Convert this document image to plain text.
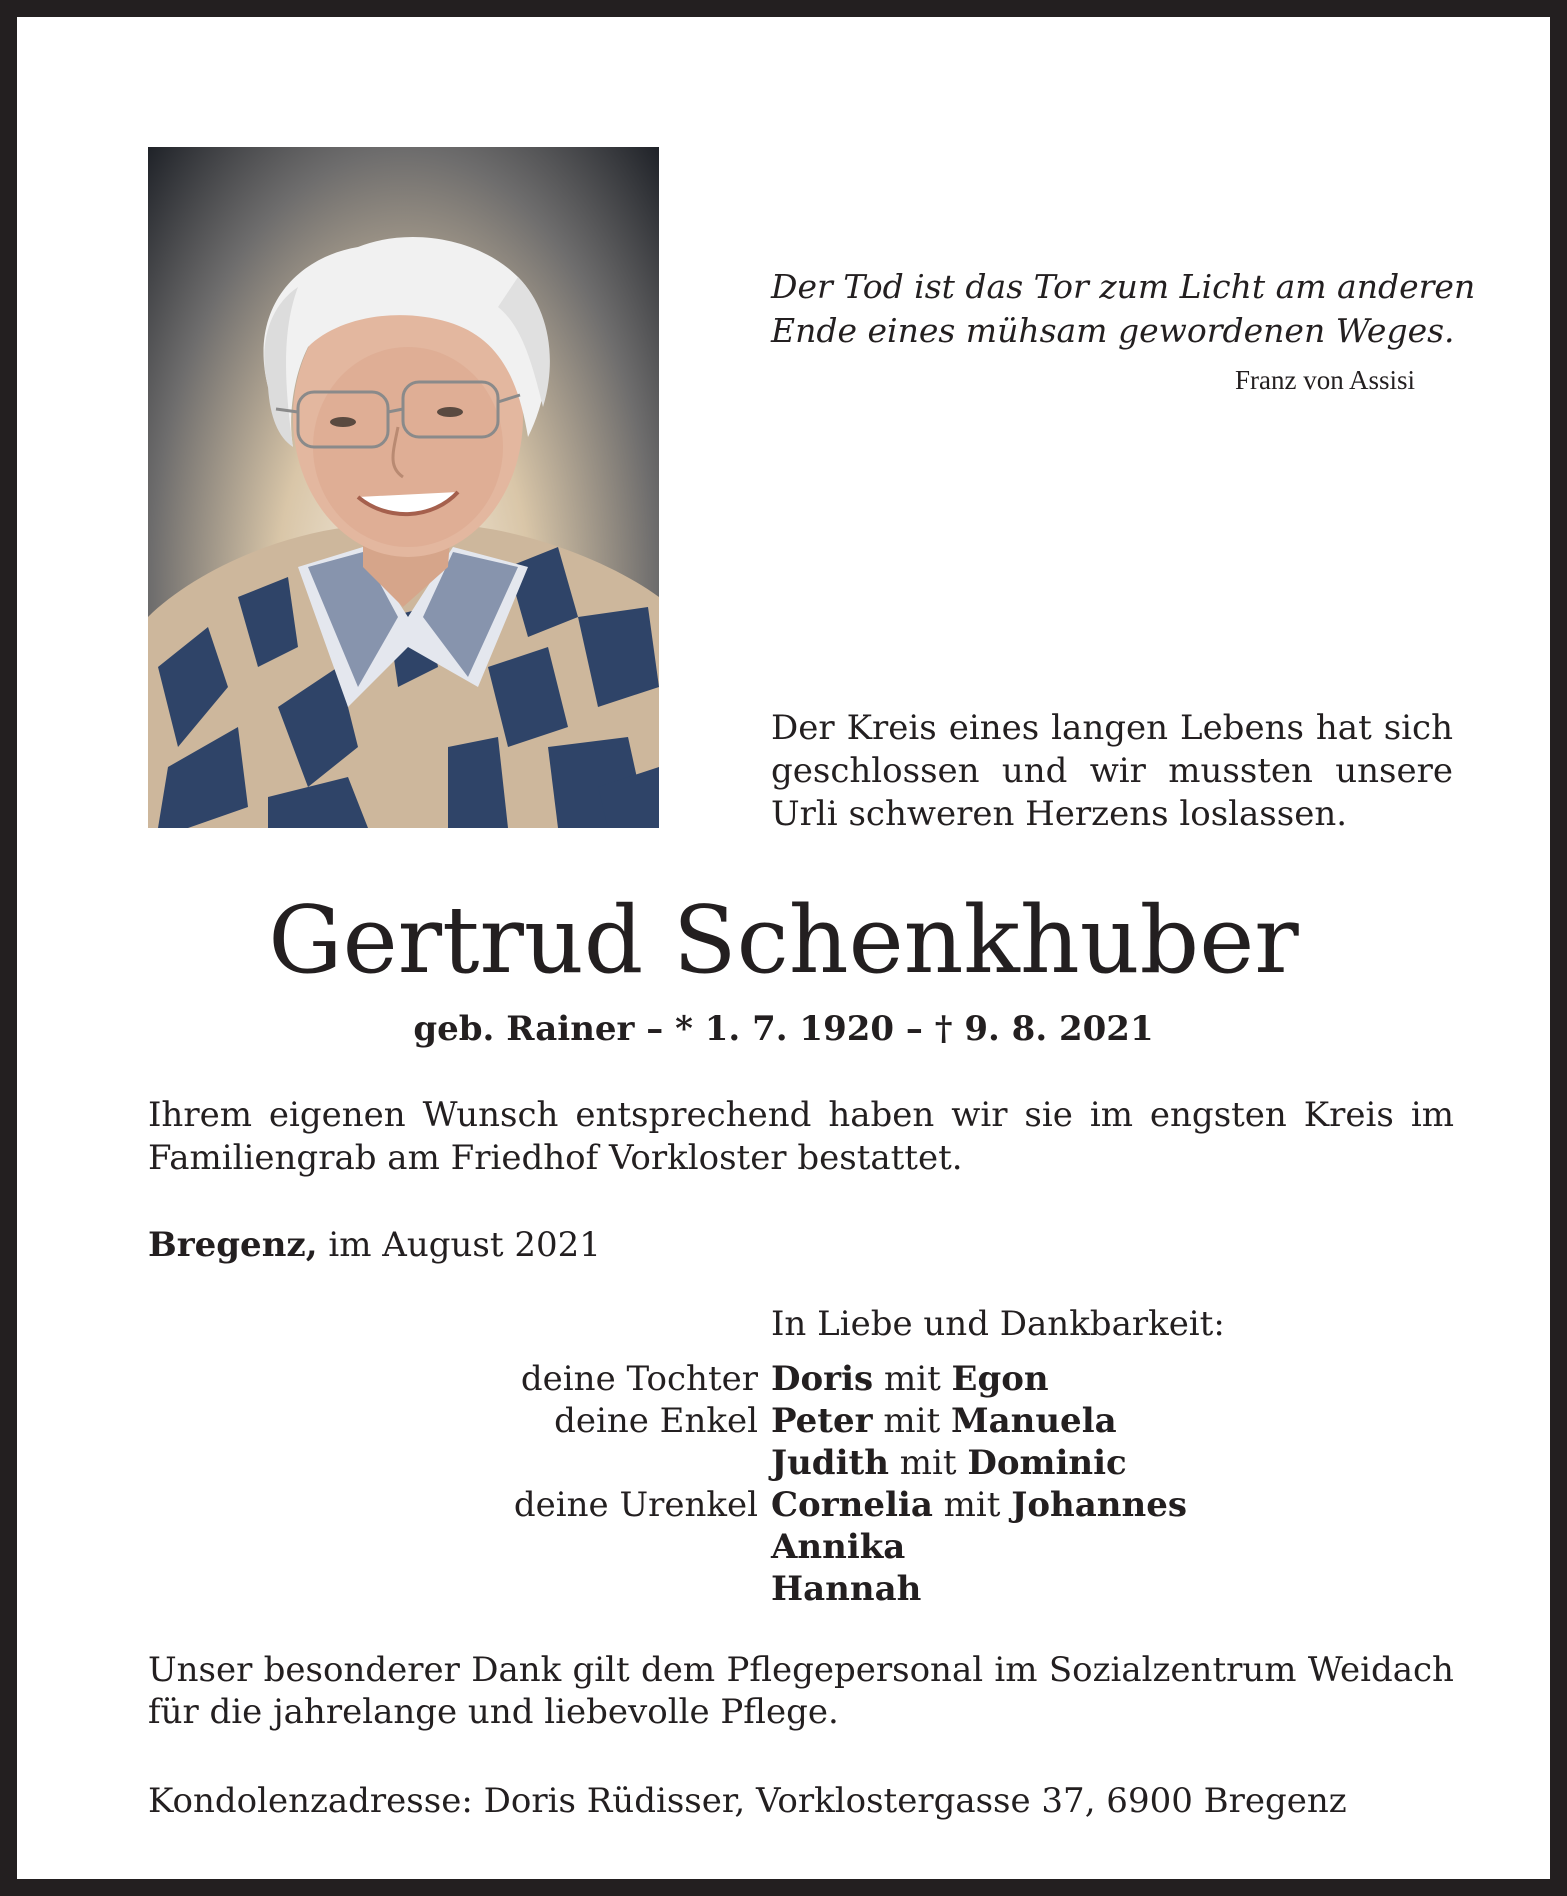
Der Tod ist das Tor zum Licht am anderen
Ende eines mühsam gewordenen Weges.
Franz von Assisi
Der Kreis eines langen Lebens hat sich
geschlossen und wir mussten unsere
Urli schweren Herzens loslassen.
Gertrud Schenkhuber
geb. Rainer – * 1. 7. 1920 – † 9. 8. 2021
Ihrem eigenen Wunsch entsprechend haben wir sie im engsten Kreis im
Familiengrab am Friedhof Vorkloster bestattet.
Bregenz, im August 2021
In Liebe und Dankbarkeit:
deine Tochter Doris mit Egon
deine Enkel Peter mit Manuela
Judith mit Dominic
deine Urenkel Cornelia mit Johannes
Annika
Hannah
Unser besonderer Dank gilt dem Pflegepersonal im Sozialzentrum Weidach
für die jahrelange und liebevolle Pflege.
Kondolenzadresse: Doris Rüdisser, Vorklostergasse 37, 6900 Bregenz
